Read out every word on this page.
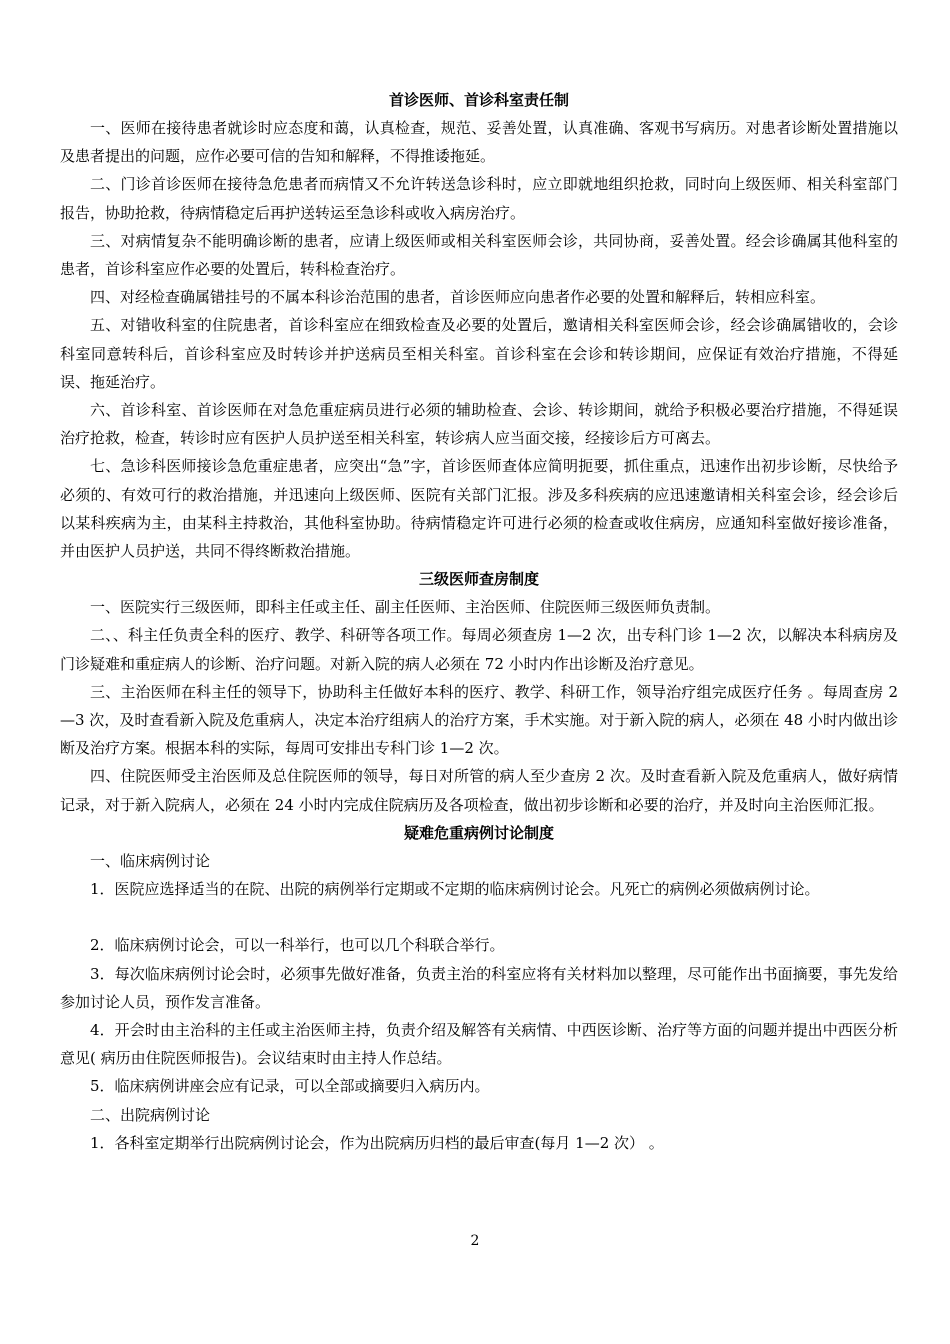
首诊医师、首诊科室责任制

一、医师在接待患者就诊时应态度和蔼，认真检查，规范、妥善处置，认真准确、客观书写病历。对患者诊断处置措施以及患者提出的问题，应作必要可信的告知和解释，不得推诿拖延。

二、门诊首诊医师在接待急危患者而病情又不允许转送急诊科时，应立即就地组织抢救，同时向上级医师、相关科室部门报告，协助抢救，待病情稳定后再护送转运至急诊科或收入病房治疗。

三、对病情复杂不能明确诊断的患者，应请上级医师或相关科室医师会诊，共同协商，妥善处置。经会诊确属其他科室的患者，首诊科室应作必要的处置后，转科检查治疗。

四、对经检查确属错挂号的不属本科诊治范围的患者，首诊医师应向患者作必要的处置和解释后，转相应科室。

五、对错收科室的住院患者，首诊科室应在细致检查及必要的处置后，邀请相关科室医师会诊，经会诊确属错收的，会诊科室同意转科后，首诊科室应及时转诊并护送病员至相关科室。首诊科室在会诊和转诊期间，应保证有效治疗措施，不得延误、拖延治疗。

六、首诊科室、首诊医师在对急危重症病员进行必须的辅助检查、会诊、转诊期间，就给予积极必要治疗措施，不得延误治疗抢救，检查，转诊时应有医护人员护送至相关科室，转诊病人应当面交接，经接诊后方可离去。

七、急诊科医师接诊急危重症患者，应突出“急”字，首诊医师查体应简明扼要，抓住重点，迅速作出初步诊断，尽快给予必须的、有效可行的救治措施，并迅速向上级医师、医院有关部门汇报。涉及多科疾病的应迅速邀请相关科室会诊，经会诊后以某科疾病为主，由某科主持救治，其他科室协助。待病情稳定许可进行必须的检查或收住病房，应通知科室做好接诊准备，并由医护人员护送，共同不得终断救治措施。

三级医师查房制度

一、医院实行三级医师，即科主任或主任、副主任医师、主治医师、住院医师三级医师负责制。

二、、科主任负责全科的医疗、教学、科研等各项工作。每周必须查房 1—2 次，出专科门诊 1—2 次，以解决本科病房及门诊疑难和重症病人的诊断、治疗问题。对新入院的病人必须在 72 小时内作出诊断及治疗意见。

三、主治医师在科主任的领导下，协助科主任做好本科的医疗、教学、科研工作，领导治疗组完成医疗任务 。每周查房 2—3 次，及时查看新入院及危重病人，决定本治疗组病人的治疗方案，手术实施。对于新入院的病人，必须在 48 小时内做出诊断及治疗方案。根据本科的实际，每周可安排出专科门诊 1—2 次。

四、住院医师受主治医师及总住院医师的领导，每日对所管的病人至少查房 2 次。及时查看新入院及危重病人，做好病情记录，对于新入院病人，必须在 24 小时内完成住院病历及各项检查，做出初步诊断和必要的治疗，并及时向主治医师汇报。

疑难危重病例讨论制度

一、临床病例讨论

1．医院应选择适当的在院、出院的病例举行定期或不定期的临床病例讨论会。凡死亡的病例必须做病例讨论。

2．临床病例讨论会，可以一科举行，也可以几个科联合举行。

3．每次临床病例讨论会时，必须事先做好准备，负责主治的科室应将有关材料加以整理，尽可能作出书面摘要，事先发给参加讨论人员，预作发言准备。

4．开会时由主治科的主任或主治医师主持，负责介绍及解答有关病情、中西医诊断、治疗等方面的问题并提出中西医分析意见( 病历由住院医师报告)。会议结束时由主持人作总结。

5．临床病例讲座会应有记录，可以全部或摘要归入病历内。

二、出院病例讨论

1．各科室定期举行出院病例讨论会，作为出院病历归档的最后审查(每月 1—2 次） 。

2
